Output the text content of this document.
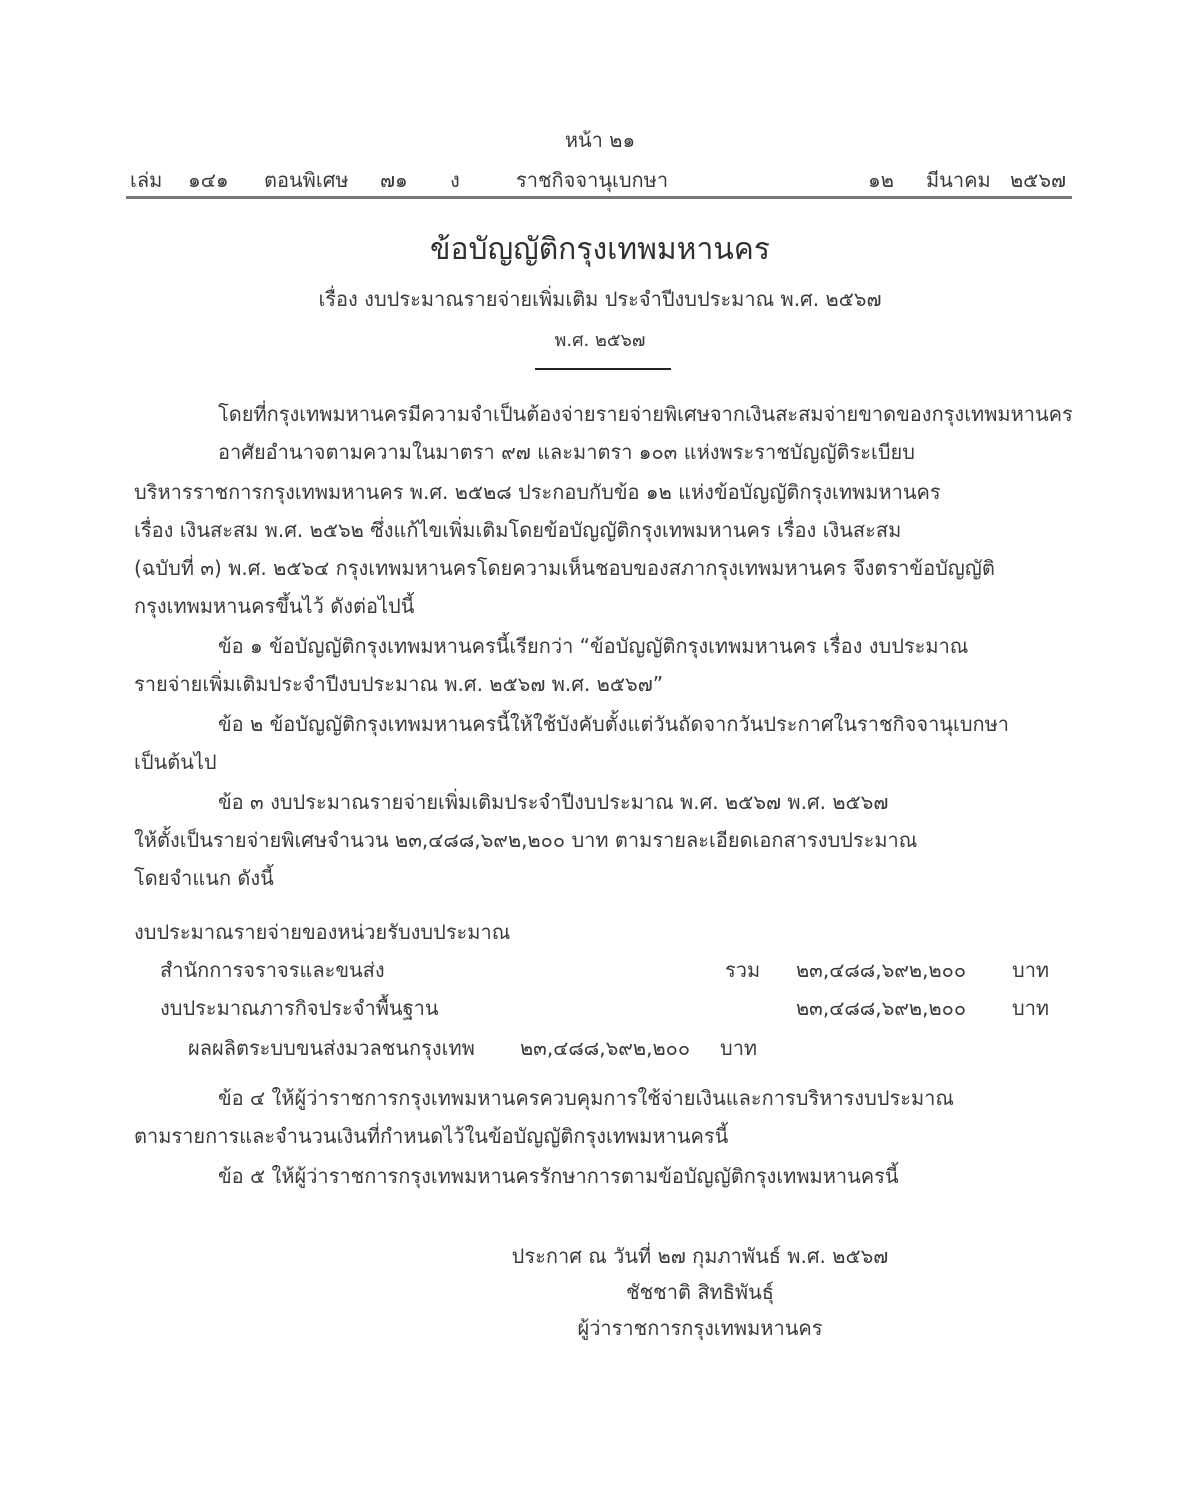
หน้า ๒๑
เล่ม ๑๔๑ ตอนพิเศษ ๗๑ ง	ราชกิจจานุเบกษา	๑๒ มีนาคม ๒๕๖๗
ข้อบัญญัติกรุงเทพมหานคร
เรื่อง งบประมาณรายจ่ายเพิ่มเติม ประจำปีงบประมาณ พ.ศ. ๒๕๖๗
พ.ศ. ๒๕๖๗
โดยที่กรุงเทพมหานครมีความจำเป็นต้องจ่ายรายจ่ายพิเศษจากเงินสะสมจ่ายขาดของกรุงเทพมหานคร
อาศัยอำนาจตามความในมาตรา ๙๗ และมาตรา ๑๐๓ แห่งพระราชบัญญัติระเบียบ
บริหารราชการกรุงเทพมหานคร พ.ศ. ๒๕๒๘ ประกอบกับข้อ ๑๒ แห่งข้อบัญญัติกรุงเทพมหานคร
เรื่อง เงินสะสม พ.ศ. ๒๕๖๒ ซึ่งแก้ไขเพิ่มเติมโดยข้อบัญญัติกรุงเทพมหานคร เรื่อง เงินสะสม
(ฉบับที่ ๓) พ.ศ. ๒๕๖๔ กรุงเทพมหานครโดยความเห็นชอบของสภากรุงเทพมหานคร จึงตราข้อบัญญัติ
กรุงเทพมหานครขึ้นไว้ ดังต่อไปนี้
ข้อ ๑ ข้อบัญญัติกรุงเทพมหานครนี้เรียกว่า “ข้อบัญญัติกรุงเทพมหานคร เรื่อง งบประมาณ
รายจ่ายเพิ่มเติมประจำปีงบประมาณ พ.ศ. ๒๕๖๗ พ.ศ. ๒๕๖๗”
ข้อ ๒ ข้อบัญญัติกรุงเทพมหานครนี้ให้ใช้บังคับตั้งแต่วันถัดจากวันประกาศในราชกิจจานุเบกษา
เป็นต้นไป
ข้อ ๓ งบประมาณรายจ่ายเพิ่มเติมประจำปีงบประมาณ พ.ศ. ๒๕๖๗ พ.ศ. ๒๕๖๗
ให้ตั้งเป็นรายจ่ายพิเศษจำนวน ๒๓,๔๘๘,๖๙๒,๒๐๐ บาท ตามรายละเอียดเอกสารงบประมาณ
โดยจำแนก ดังนี้
งบประมาณรายจ่ายของหน่วยรับงบประมาณ
สำนักการจราจรและขนส่ง	รวม ๒๓,๔๘๘,๖๙๒,๒๐๐ บาท
งบประมาณภารกิจประจำพื้นฐาน	๒๓,๔๘๘,๖๙๒,๒๐๐ บาท
ผลผลิตระบบขนส่งมวลชนกรุงเทพ ๒๓,๔๘๘,๖๙๒,๒๐๐ บาท
ข้อ ๔ ให้ผู้ว่าราชการกรุงเทพมหานครควบคุมการใช้จ่ายเงินและการบริหารงบประมาณ
ตามรายการและจำนวนเงินที่กำหนดไว้ในข้อบัญญัติกรุงเทพมหานครนี้
ข้อ ๕ ให้ผู้ว่าราชการกรุงเทพมหานครรักษาการตามข้อบัญญัติกรุงเทพมหานครนี้
ประกาศ ณ วันที่ ๒๗ กุมภาพันธ์ พ.ศ. ๒๕๖๗
ชัชชาติ สิทธิพันธุ์
ผู้ว่าราชการกรุงเทพมหานคร
